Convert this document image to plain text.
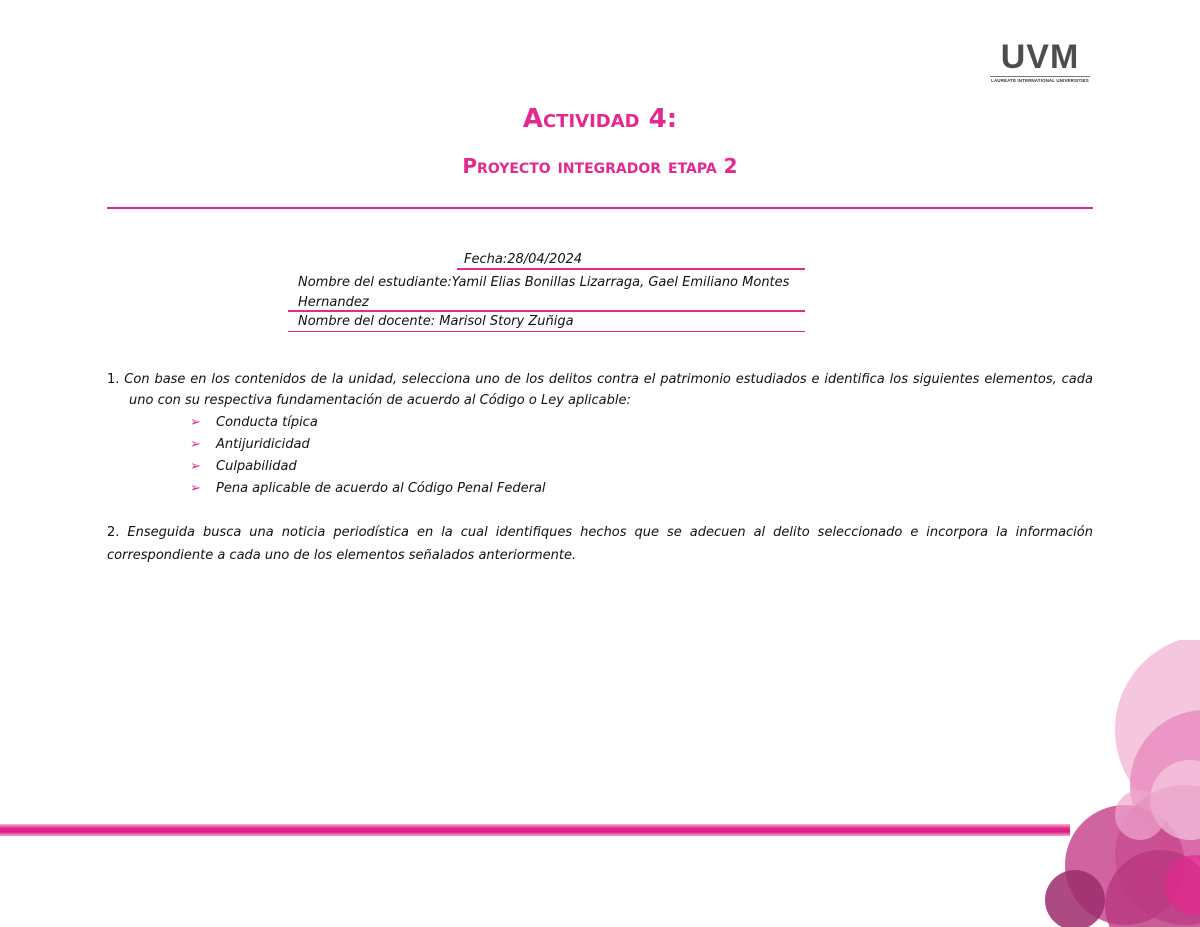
UVM
LAUREATE INTERNATIONAL UNIVERSITIES
Actividad 4:
Proyecto integrador etapa 2
Fecha:28/04/2024
Nombre del estudiante:Yamil Elias Bonillas Lizarraga, Gael Emiliano Montes Hernandez
Nombre del docente: Marisol Story Zuñiga
1. Con base en los contenidos de la unidad, selecciona uno de los delitos contra el patrimonio estudiados e identifica los siguientes elementos, cada uno con su respectiva fundamentación de acuerdo al Código o Ley aplicable:
➢	Conducta típica
➢	Antijuridicidad
➢	Culpabilidad
➢	Pena aplicable de acuerdo al Código Penal Federal
2. Enseguida busca una noticia periodística en la cual identifiques hechos que se adecuen al delito seleccionado e incorpora la información correspondiente a cada uno de los elementos señalados anteriormente.
